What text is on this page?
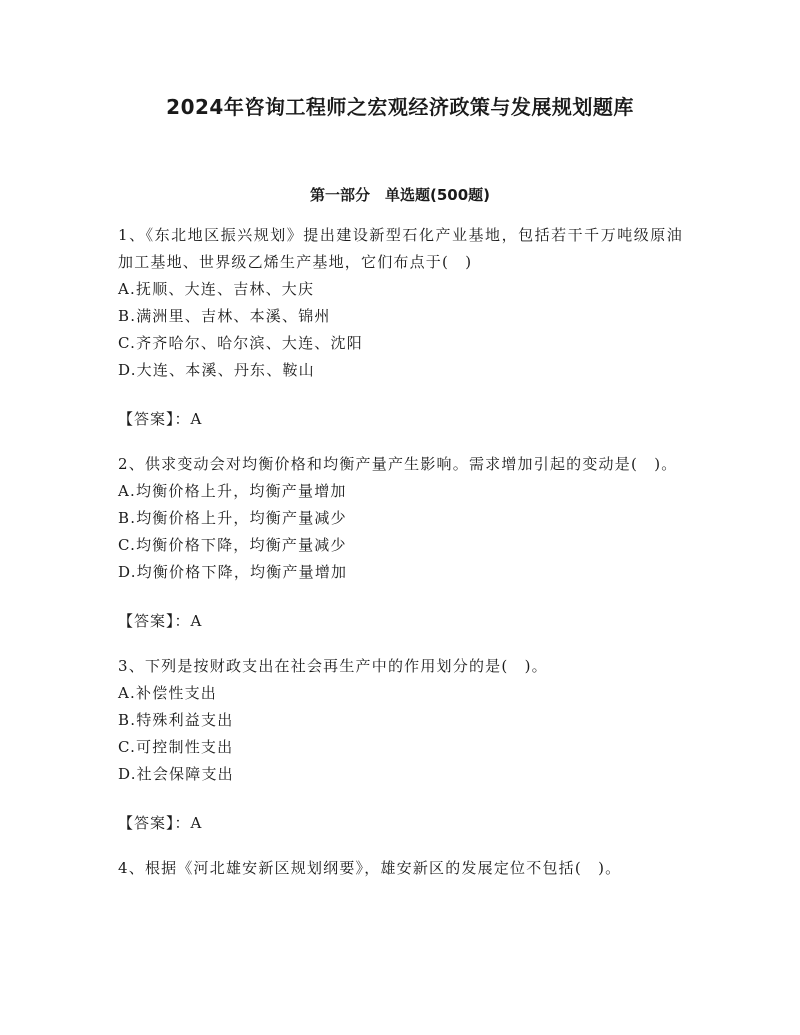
2024年咨询工程师之宏观经济政策与发展规划题库
第一部分　单选题(500题)

1、《东北地区振兴规划》提出建设新型石化产业基地，包括若干千万吨级原油加工基地、世界级乙烯生产基地，它们布点于(　)

A.抚顺、大连、吉林、大庆
B.满洲里、吉林、本溪、锦州
C.齐齐哈尔、哈尔滨、大连、沈阳
D.大连、本溪、丹东、鞍山
【答案】：A

2、供求变动会对均衡价格和均衡产量产生影响。需求增加引起的变动是(　)。

A.均衡价格上升，均衡产量增加
B.均衡价格上升，均衡产量减少
C.均衡价格下降，均衡产量减少
D.均衡价格下降，均衡产量增加
【答案】：A

3、下列是按财政支出在社会再生产中的作用划分的是(　)。

A.补偿性支出
B.特殊利益支出
C.可控制性支出
D.社会保障支出
【答案】：A

4、根据《河北雄安新区规划纲要》，雄安新区的发展定位不包括(　)。
